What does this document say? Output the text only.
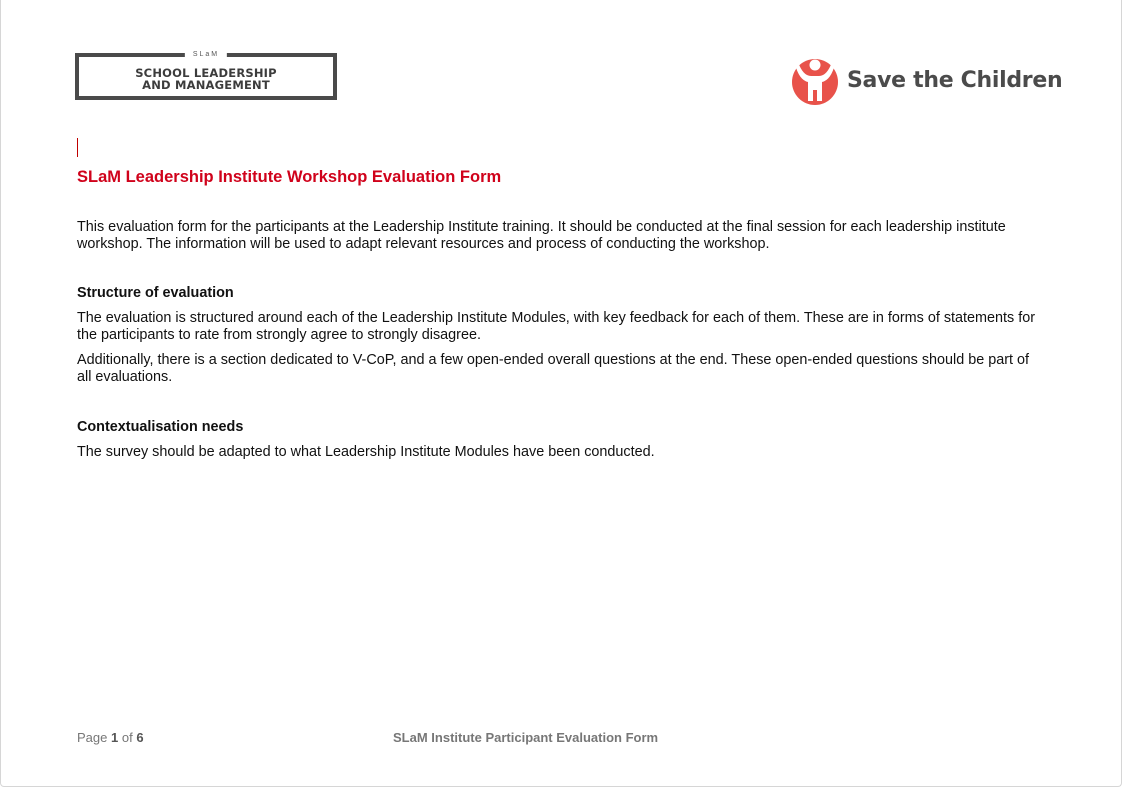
SLaM
SCHOOL LEADERSHIP
AND MANAGEMENT	Save the Children
SLaM Leadership Institute Workshop Evaluation Form

This evaluation form for the participants at the Leadership Institute training. It should be conducted at the final session for each leadership institute workshop. The information will be used to adapt relevant resources and process of conducting the workshop.

Structure of evaluation

The evaluation is structured around each of the Leadership Institute Modules, with key feedback for each of them. These are in forms of statements for the participants to rate from strongly agree to strongly disagree.

Additionally, there is a section dedicated to V-CoP, and a few open-ended overall questions at the end. These open-ended questions should be part of all evaluations.

Contextualisation needs

The survey should be adapted to what Leadership Institute Modules have been conducted.

Page 1 of 6	SLaM Institute Participant Evaluation Form
